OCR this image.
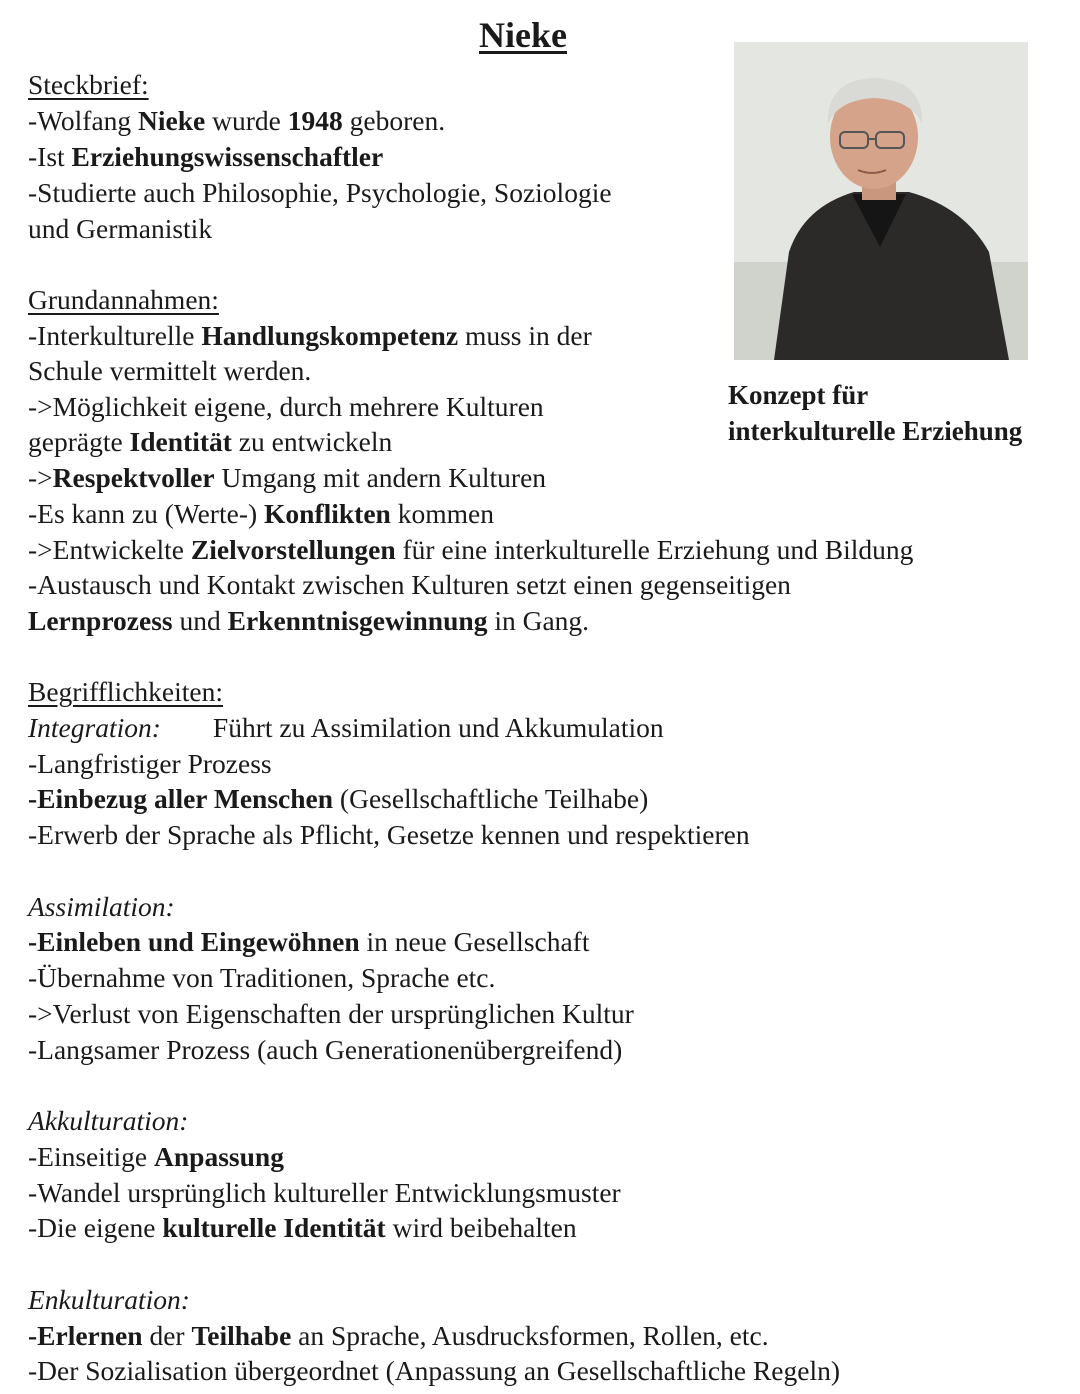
Nieke
Konzept für
interkulturelle Erziehung
Steckbrief:
-Wolfang Nieke wurde 1948 geboren.
-Ist Erziehungswissenschaftler
-Studierte auch Philosophie, Psychologie, Soziologie
und Germanistik
Grundannahmen:
-Interkulturelle Handlungskompetenz muss in der
Schule vermittelt werden.
->Möglichkeit eigene, durch mehrere Kulturen
geprägte Identität zu entwickeln
->Respektvoller Umgang mit andern Kulturen
-Es kann zu (Werte-) Konflikten kommen
->Entwickelte Zielvorstellungen für eine interkulturelle Erziehung und Bildung
-Austausch und Kontakt zwischen Kulturen setzt einen gegenseitigen
Lernprozess und Erkenntnisgewinnung in Gang.
Begrifflichkeiten:
Integration: Führt zu Assimilation und Akkumulation
-Langfristiger Prozess
-Einbezug aller Menschen (Gesellschaftliche Teilhabe)
-Erwerb der Sprache als Pflicht, Gesetze kennen und respektieren
Assimilation:
-Einleben und Eingewöhnen in neue Gesellschaft
-Übernahme von Traditionen, Sprache etc.
->Verlust von Eigenschaften der ursprünglichen Kultur
-Langsamer Prozess (auch Generationenübergreifend)
Akkulturation:
-Einseitige Anpassung
-Wandel ursprünglich kultureller Entwicklungsmuster
-Die eigene kulturelle Identität wird beibehalten
Enkulturation:
-Erlernen der Teilhabe an Sprache, Ausdrucksformen, Rollen, etc.
-Der Sozialisation übergeordnet (Anpassung an Gesellschaftliche Regeln)
